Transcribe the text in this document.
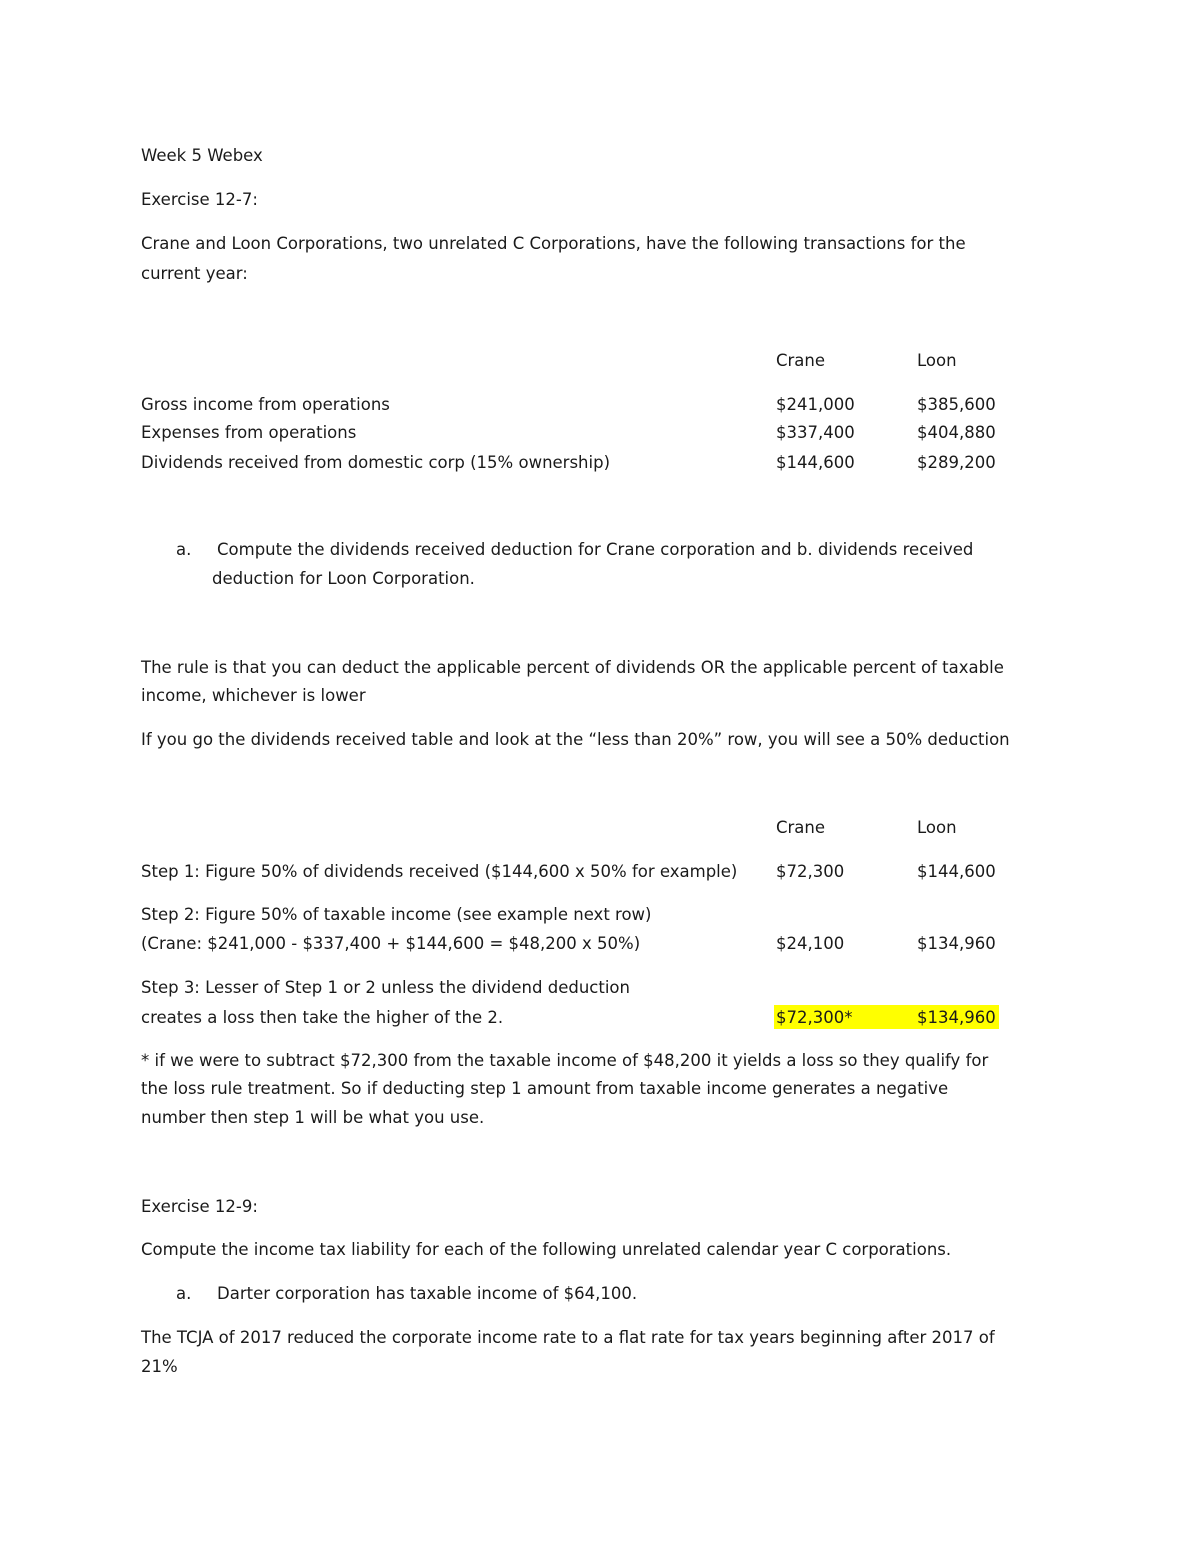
Week 5 Webex
Exercise 12-7:
Crane and Loon Corporations, two unrelated C Corporations, have the following transactions for the
current year:
Crane	Loon
Gross income from operations	$241,000	$385,600
Expenses from operations	$337,400	$404,880
Dividends received from domestic corp (15% ownership)	$144,600	$289,200
a. Compute the dividends received deduction for Crane corporation and b. dividends received
deduction for Loon Corporation.
The rule is that you can deduct the applicable percent of dividends OR the applicable percent of taxable
income, whichever is lower
If you go the dividends received table and look at the “less than 20%” row, you will see a 50% deduction
Crane	Loon
Step 1: Figure 50% of dividends received ($144,600 x 50% for example) $72,300	$144,600
Step 2: Figure 50% of taxable income (see example next row)
(Crane: $241,000 - $337,400 + $144,600 = $48,200 x 50%)	$24,100	$134,960
Step 3: Lesser of Step 1 or 2 unless the dividend deduction
creates a loss then take the higher of the 2.	$72,300*	$134,960
* if we were to subtract $72,300 from the taxable income of $48,200 it yields a loss so they qualify for
the loss rule treatment. So if deducting step 1 amount from taxable income generates a negative
number then step 1 will be what you use.
Exercise 12-9:
Compute the income tax liability for each of the following unrelated calendar year C corporations.
a. Darter corporation has taxable income of $64,100.
The TCJA of 2017 reduced the corporate income rate to a flat rate for tax years beginning after 2017 of
21%
